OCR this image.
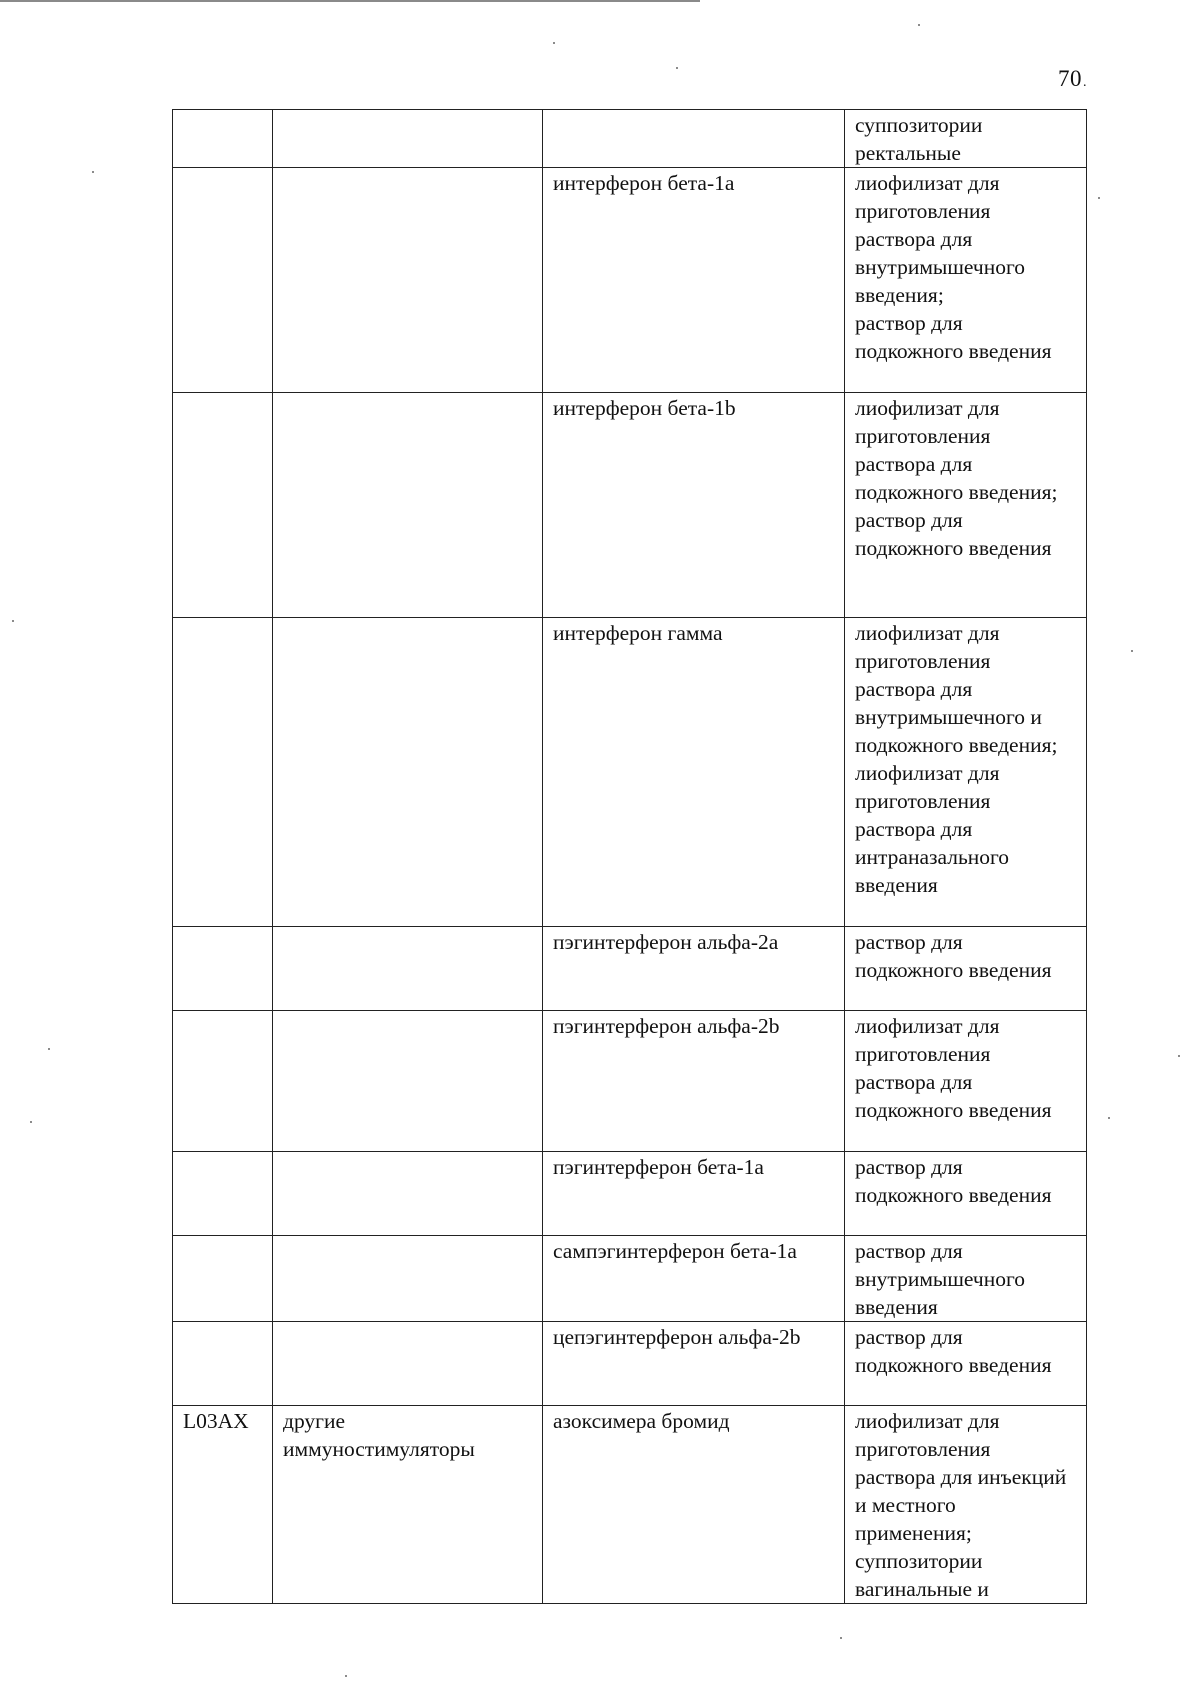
70 .

			суппозитории ректальные

		интерферон бета-1a	лиофилизат для приготовления раствора для внутримышечного введения;
раствор для подкожного введения

		интерферон бета-1b	лиофилизат для приготовления раствора для подкожного введения;
раствор для подкожного введения

		интерферон гамма	лиофилизат для приготовления раствора для внутримышечного и подкожного введения;
лиофилизат для приготовления раствора для интраназального введения

		пэгинтерферон альфа-2a	раствор для подкожного введения

		пэгинтерферон альфа-2b	лиофилизат для приготовления раствора для подкожного введения

		пэгинтерферон бета-1a	раствор для подкожного введения

		сампэгинтерферон бета-1a	раствор для внутримышечного введения

		цепэгинтерферон альфа-2b	раствор для подкожного введения

L03AX	другие иммуностимуляторы	азоксимера бромид	лиофилизат для приготовления раствора для инъекций и местного применения;
суппозитории вагинальные и
